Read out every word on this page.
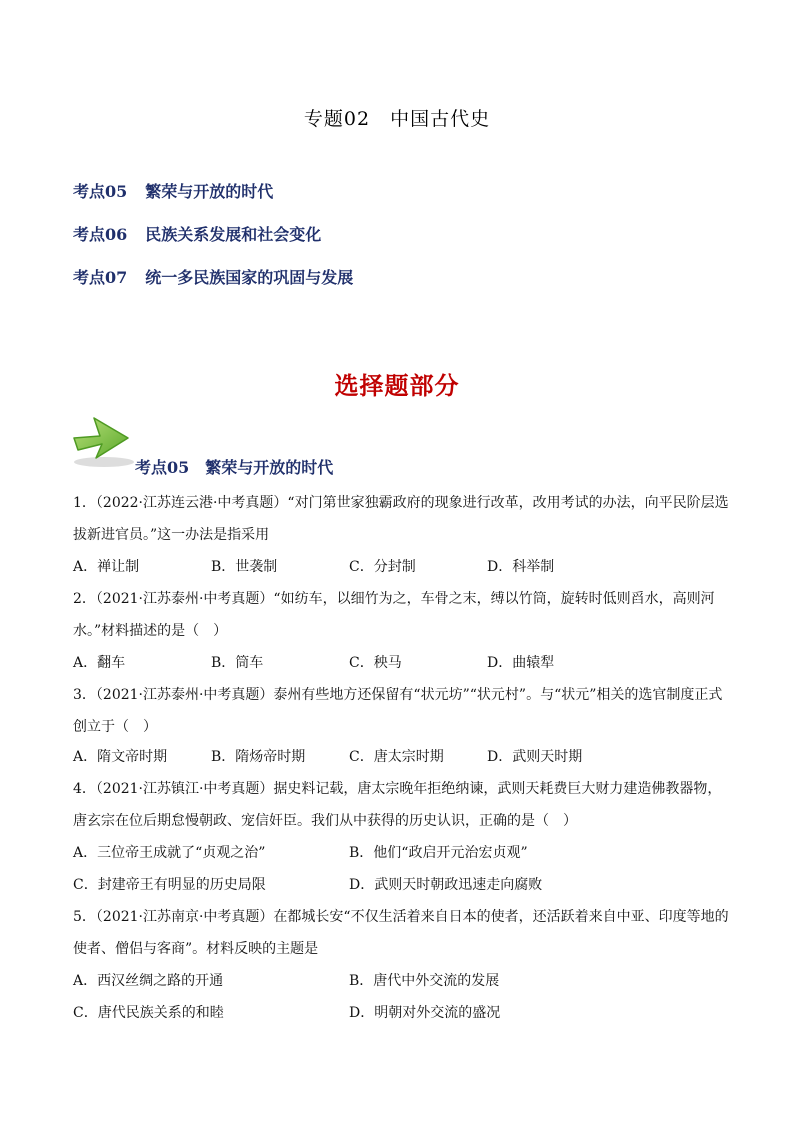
专题02　中国古代史
考点05 繁荣与开放的时代
考点06 民族关系发展和社会变化
考点07 统一多民族国家的巩固与发展
选择题部分
考点05 繁荣与开放的时代
1．（2022·江苏连云港·中考真题）“对门第世家独霸政府的现象进行改革，改用考试的办法，向平民阶层选拔新进官员。”这一办法是指采用
A．禅让制	B．世袭制	C．分封制	D．科举制
2．（2021·江苏泰州·中考真题）“如纺车，以细竹为之，车骨之末，缚以竹筒，旋转时低则舀水，高则河水。”材料描述的是（　）
A．翻车	B．筒车	C．秧马	D．曲辕犁
3．（2021·江苏泰州·中考真题）泰州有些地方还保留有“状元坊”“状元村”。与“状元”相关的选官制度正式创立于（　）
A．隋文帝时期	B．隋炀帝时期	C．唐太宗时期	D．武则天时期
4．（2021·江苏镇江·中考真题）据史料记载，唐太宗晚年拒绝纳谏，武则天耗费巨大财力建造佛教器物，唐玄宗在位后期怠慢朝政、宠信奸臣。我们从中获得的历史认识，正确的是（　）
A．三位帝王成就了“贞观之治”	B．他们“政启开元治宏贞观”
C．封建帝王有明显的历史局限	D．武则天时朝政迅速走向腐败
5．（2021·江苏南京·中考真题）在都城长安“不仅生活着来自日本的使者，还活跃着来自中亚、印度等地的使者、僧侣与客商”。材料反映的主题是
A．西汉丝绸之路的开通	B．唐代中外交流的发展
C．唐代民族关系的和睦	D．明朝对外交流的盛况
